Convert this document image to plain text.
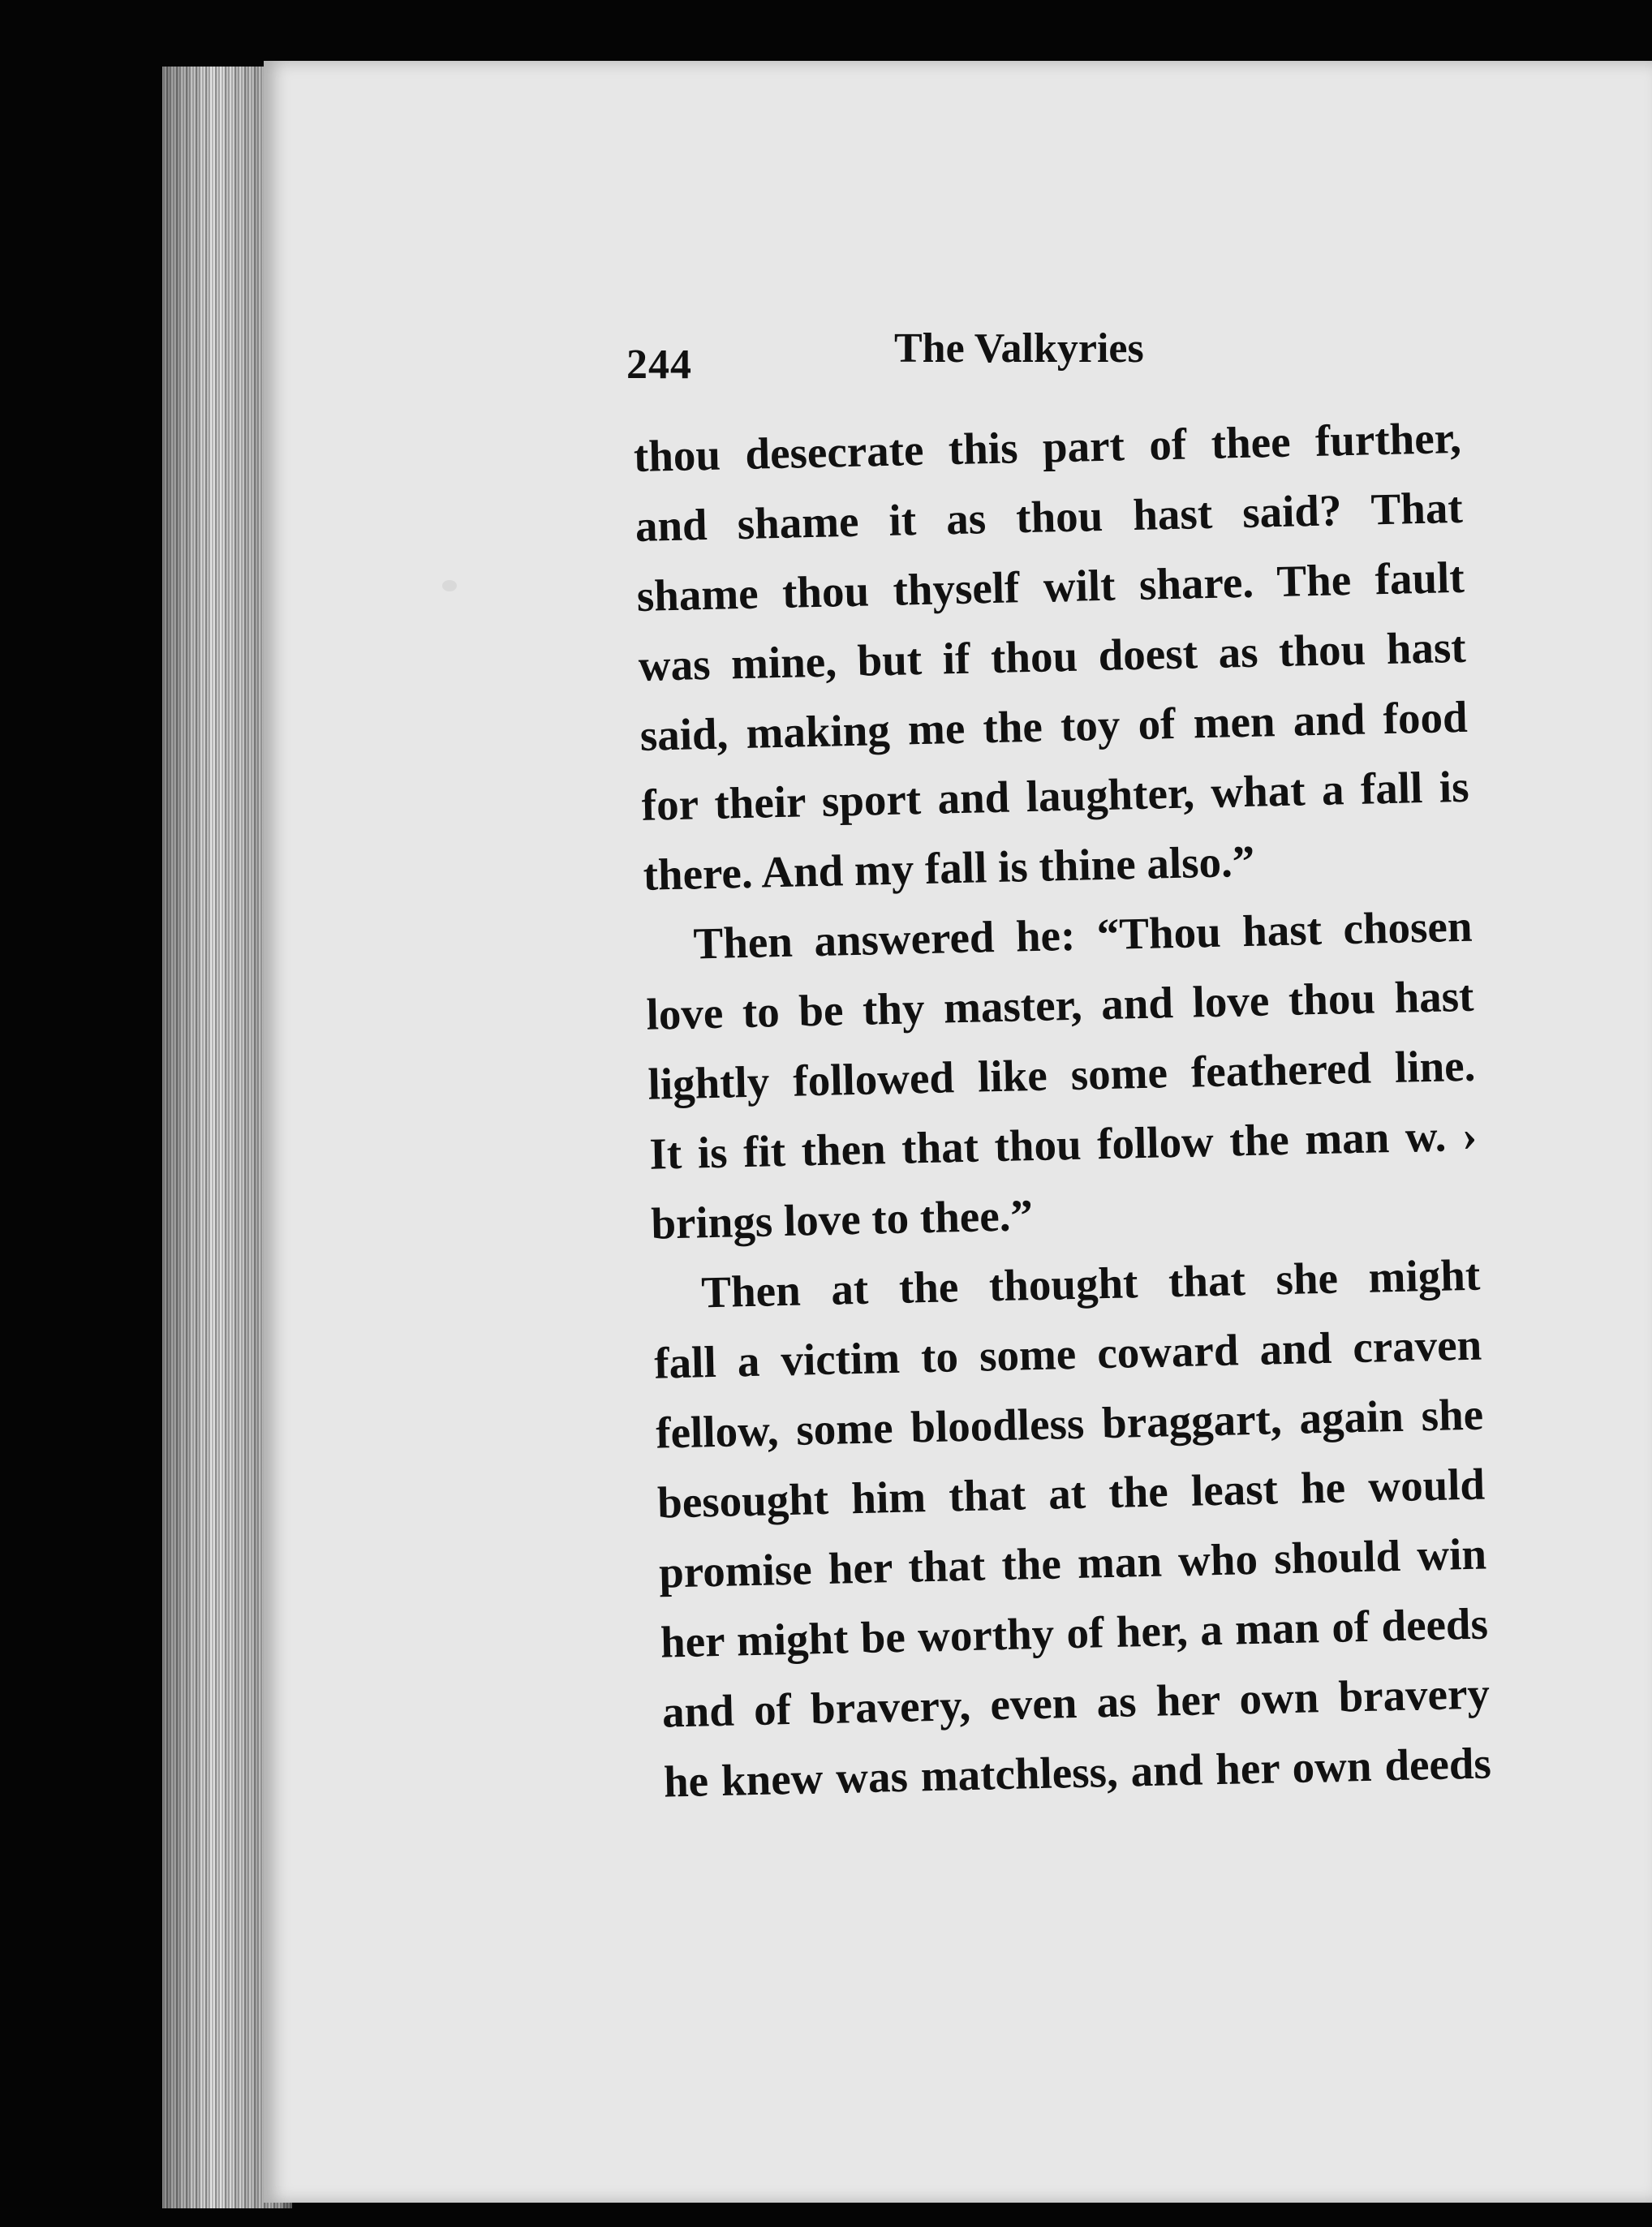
244	The Valkyries
thou desecrate this part of thee further,
and shame it as thou hast said? That
shame thou thyself wilt share. The fault
was mine, but if thou doest as thou hast
said, making me the toy of men and food
for their sport and laughter, what a fall is
there. And my fall is thine also.”
Then answered he: “Thou hast chosen
love to be thy master, and love thou hast
lightly followed like some feathered line.
It is fit then that thou follow the man w. ›
brings love to thee.”
Then at the thought that she might
fall a victim to some coward and craven
fellow, some bloodless braggart, again she
besought him that at the least he would
promise her that the man who should win
her might be worthy of her, a man of deeds
and of bravery, even as her own bravery
he knew was matchless, and her own deeds
